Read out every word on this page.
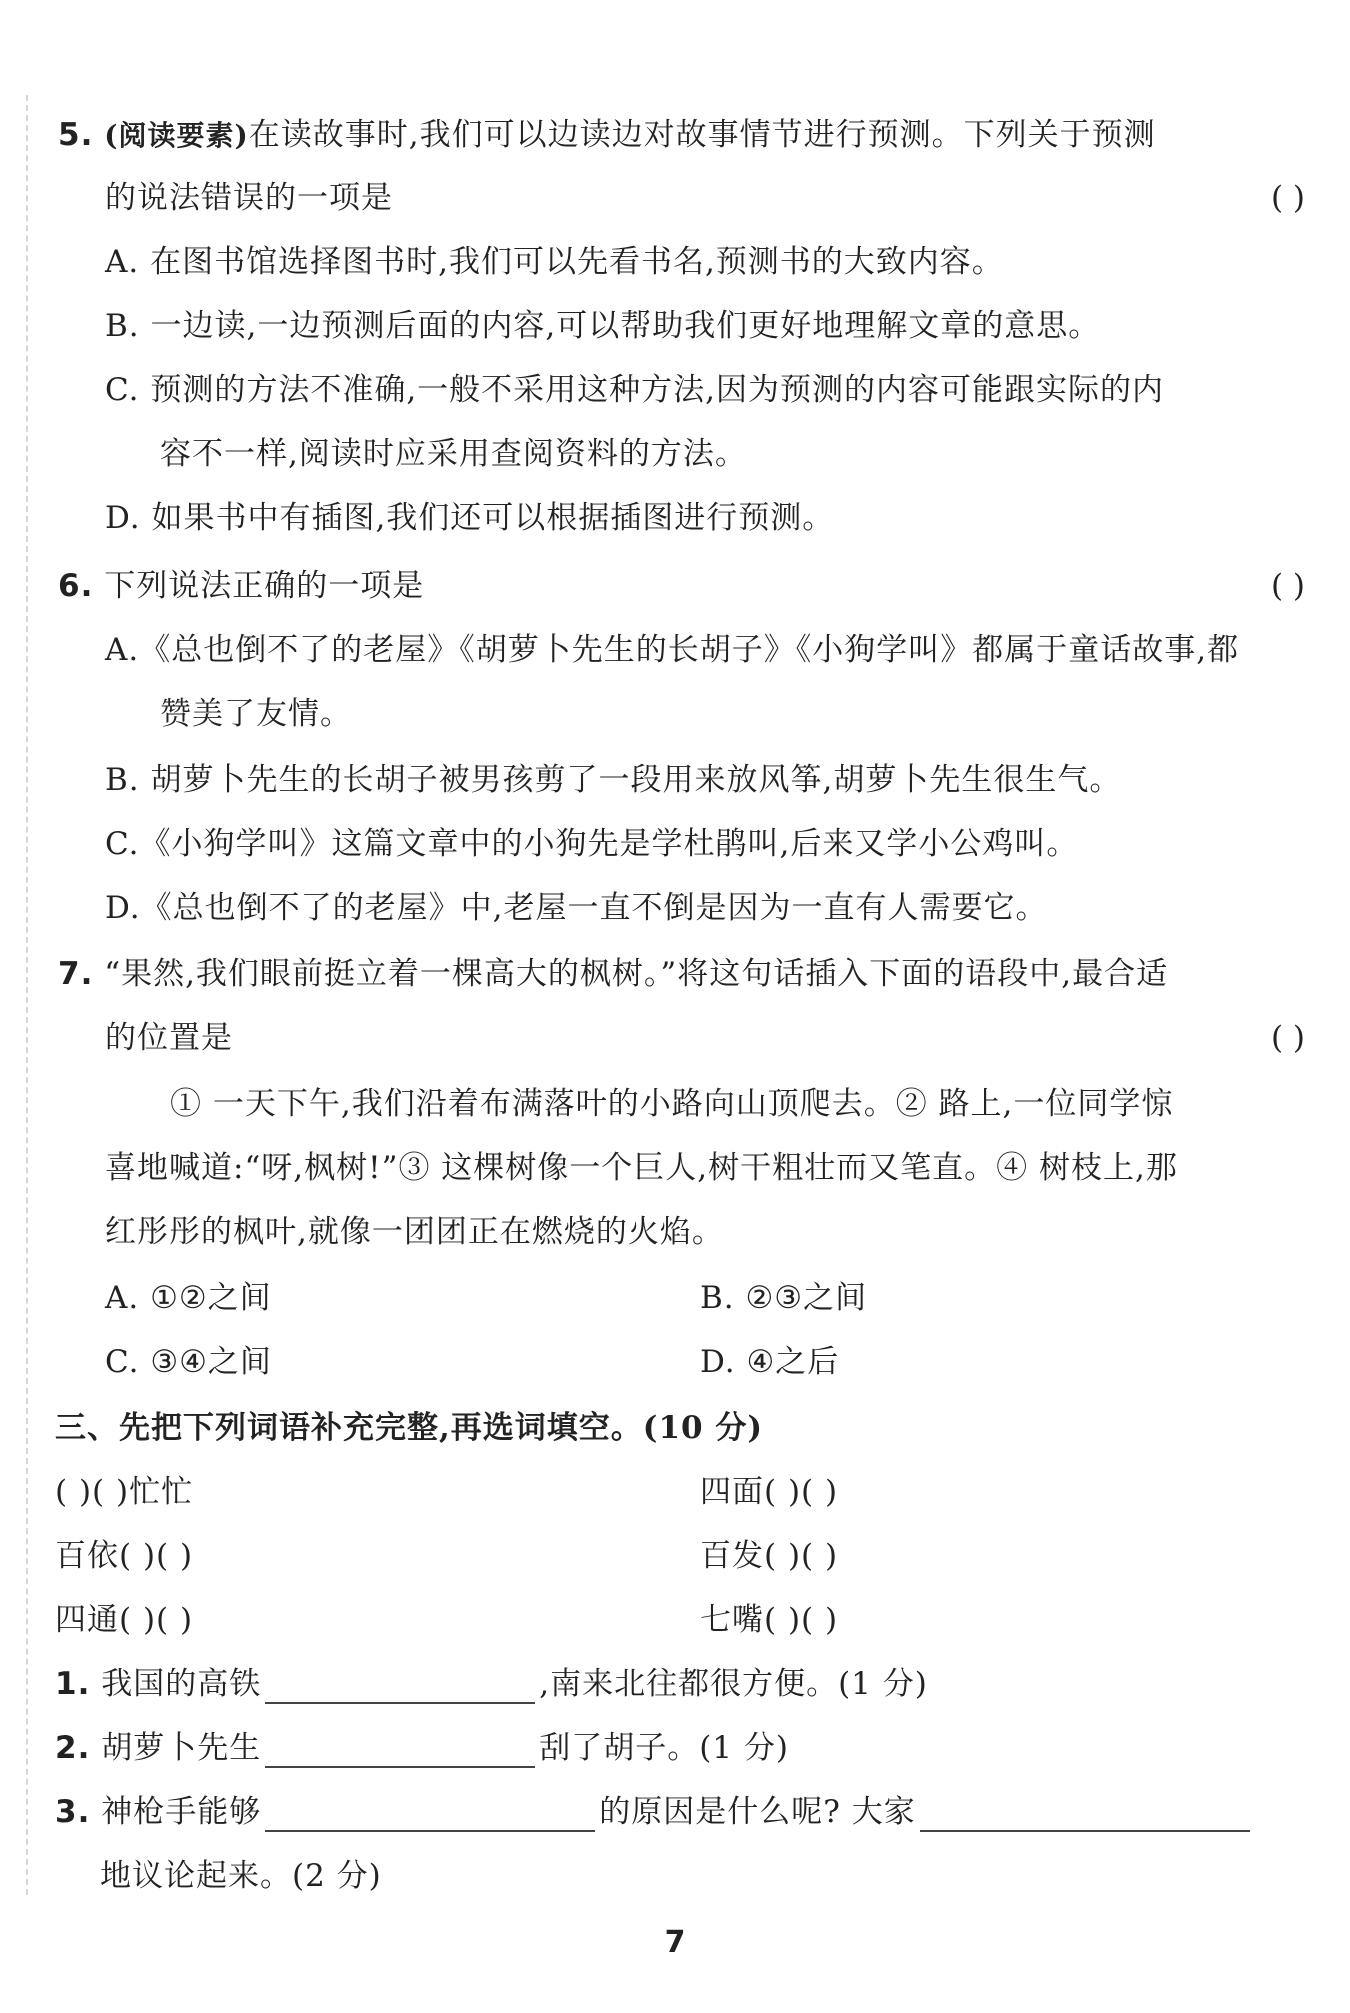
5. (阅读要素)在读故事时,我们可以边读边对故事情节进行预测。下列关于预测
的说法错误的一项是	( )
A. 在图书馆选择图书时,我们可以先看书名,预测书的大致内容。
B. 一边读,一边预测后面的内容,可以帮助我们更好地理解文章的意思。
C. 预测的方法不准确,一般不采用这种方法,因为预测的内容可能跟实际的内
容不一样,阅读时应采用查阅资料的方法。
D. 如果书中有插图,我们还可以根据插图进行预测。
6. 下列说法正确的一项是	( )
A.《总也倒不了的老屋》《胡萝卜先生的长胡子》《小狗学叫》都属于童话故事,都
赞美了友情。
B. 胡萝卜先生的长胡子被男孩剪了一段用来放风筝,胡萝卜先生很生气。
C.《小狗学叫》这篇文章中的小狗先是学杜鹃叫,后来又学小公鸡叫。
D.《总也倒不了的老屋》中,老屋一直不倒是因为一直有人需要它。
7. “果然,我们眼前挺立着一棵高大的枫树。”将这句话插入下面的语段中,最合适
的位置是	( )
① 一天下午,我们沿着布满落叶的小路向山顶爬去。② 路上,一位同学惊
喜地喊道:“呀,枫树!”③ 这棵树像一个巨人,树干粗壮而又笔直。④ 树枝上,那
红彤彤的枫叶,就像一团团正在燃烧的火焰。
A. ①②之间	B. ②③之间
C. ③④之间	D. ④之后
三、先把下列词语补充完整,再选词填空。(10 分)
( )( )忙忙	四面( )( )
百依( )( )	百发( )( )
四通( )( )	七嘴( )( )
1. 我国的高铁	,南来北往都很方便。(1 分)
2. 胡萝卜先生	刮了胡子。(1 分)
3. 神枪手能够	的原因是什么呢? 大家
地议论起来。(2 分)
7
